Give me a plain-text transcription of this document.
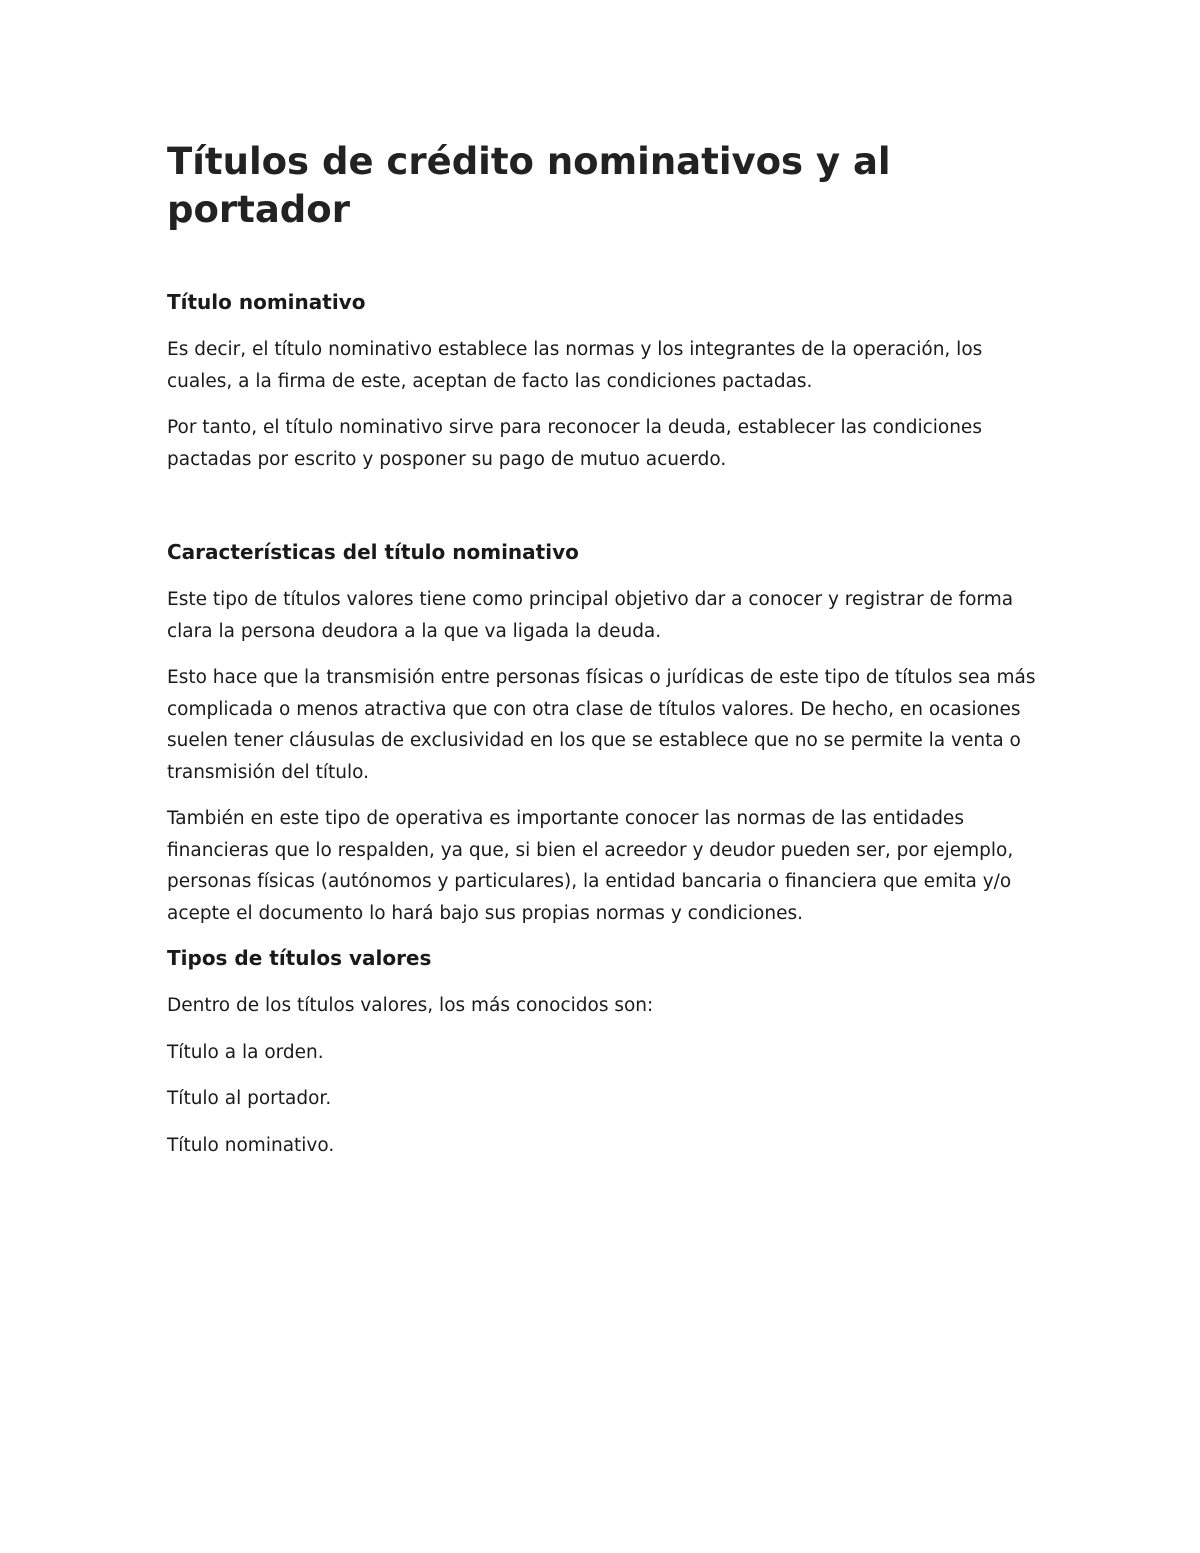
Títulos de crédito nominativos y al portador
Título nominativo

Es decir, el título nominativo establece las normas y los integrantes de la operación, los cuales, a la firma de este, aceptan de facto las condiciones pactadas.

Por tanto, el título nominativo sirve para reconocer la deuda, establecer las condiciones pactadas por escrito y posponer su pago de mutuo acuerdo.

Características del título nominativo

Este tipo de títulos valores tiene como principal objetivo dar a conocer y registrar de forma clara la persona deudora a la que va ligada la deuda.

Esto hace que la transmisión entre personas físicas o jurídicas de este tipo de títulos sea más complicada o menos atractiva que con otra clase de títulos valores. De hecho, en ocasiones suelen tener cláusulas de exclusividad en los que se establece que no se permite la venta o transmisión del título.

También en este tipo de operativa es importante conocer las normas de las entidades financieras que lo respalden, ya que, si bien el acreedor y deudor pueden ser, por ejemplo, personas físicas (autónomos y particulares), la entidad bancaria o financiera que emita y/o acepte el documento lo hará bajo sus propias normas y condiciones.

Tipos de títulos valores

Dentro de los títulos valores, los más conocidos son:

Título a la orden.

Título al portador.

Título nominativo.
